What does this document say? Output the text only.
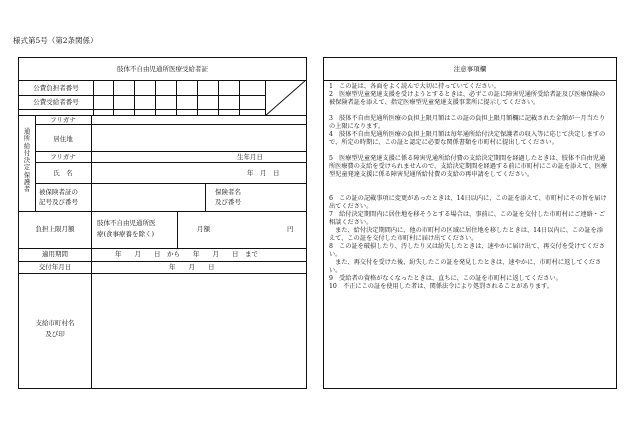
様式第5号（第2条関係）
肢体不自由児通所医療受給者証
公費負担者番号
公費受給者番号
通所給付決定保護者
フリガナ
居住地
フリガナ	生年月日
氏　名	年　月　日
被保険者証の
記号及び番号
保険者名
及び番号
負担上限月額
肢体不自由児通所医
療(食事療養を除く)
月額	円
適用期間	年　　月　　日　から　　年　　月　　日　まで
交付年月日	年　　月　　日
支給市町村名
及び印
注意事項欄
1　この証は、各面をよく読んで大切に持っていてください。
2　医療型児童発達支援を受けようとするときは、必ずこの証に障害児通所受給者証及び医療保険の被保険者証を添えて、指定医療型児童発達支援事業所に提示してください。
3　肢体不自由児通所医療の負担上限月額はこの証の負担上限月額欄に記載された金額が一月当たりの上限になります。
4　肢体不自由児通所医療の負担上限月額は毎年通所給付決定保護者の収入等に応じて決定しますので、所定の時期に、この証と認定に必要な関係書類を市町村に提出してください。
5　医療型児童発達支援に係る障害児通所給付費の支給決定期間を経過したときは、肢体不自由児通所医療費の支給を受けられませんので、支給決定期間を経過する前に市町村にこの証を添えて、医療型児童発達支援に係る障害児通所給付費の支給の再申請をしてください。
6　この証の記載事項に変更があったときは、14日以内に、この証を添えて、市町村にその旨を届け出てください。
7　給付決定期間内に居住地を移そうとする場合は、事前に、この証を交付した市町村にご連絡・ご相談ください。
　また、給付決定期間内に、他の市町村の区域に居住地を移したときは、14日以内に、この証を添えて、この証を交付した市町村に届け出てください。
8　この証を破損したり、汚したり又は紛失したときは、速やかに届け出て、再交付を受けてください。
　また、再交付を受けた後、紛失したこの証を発見したときは、速やかに、市町村に返してください。
9　受給者の資格がなくなったときは、直ちに、この証を市町村に返してください。
10　不正にこの証を使用した者は、関係法令により処罰されることがあります。
